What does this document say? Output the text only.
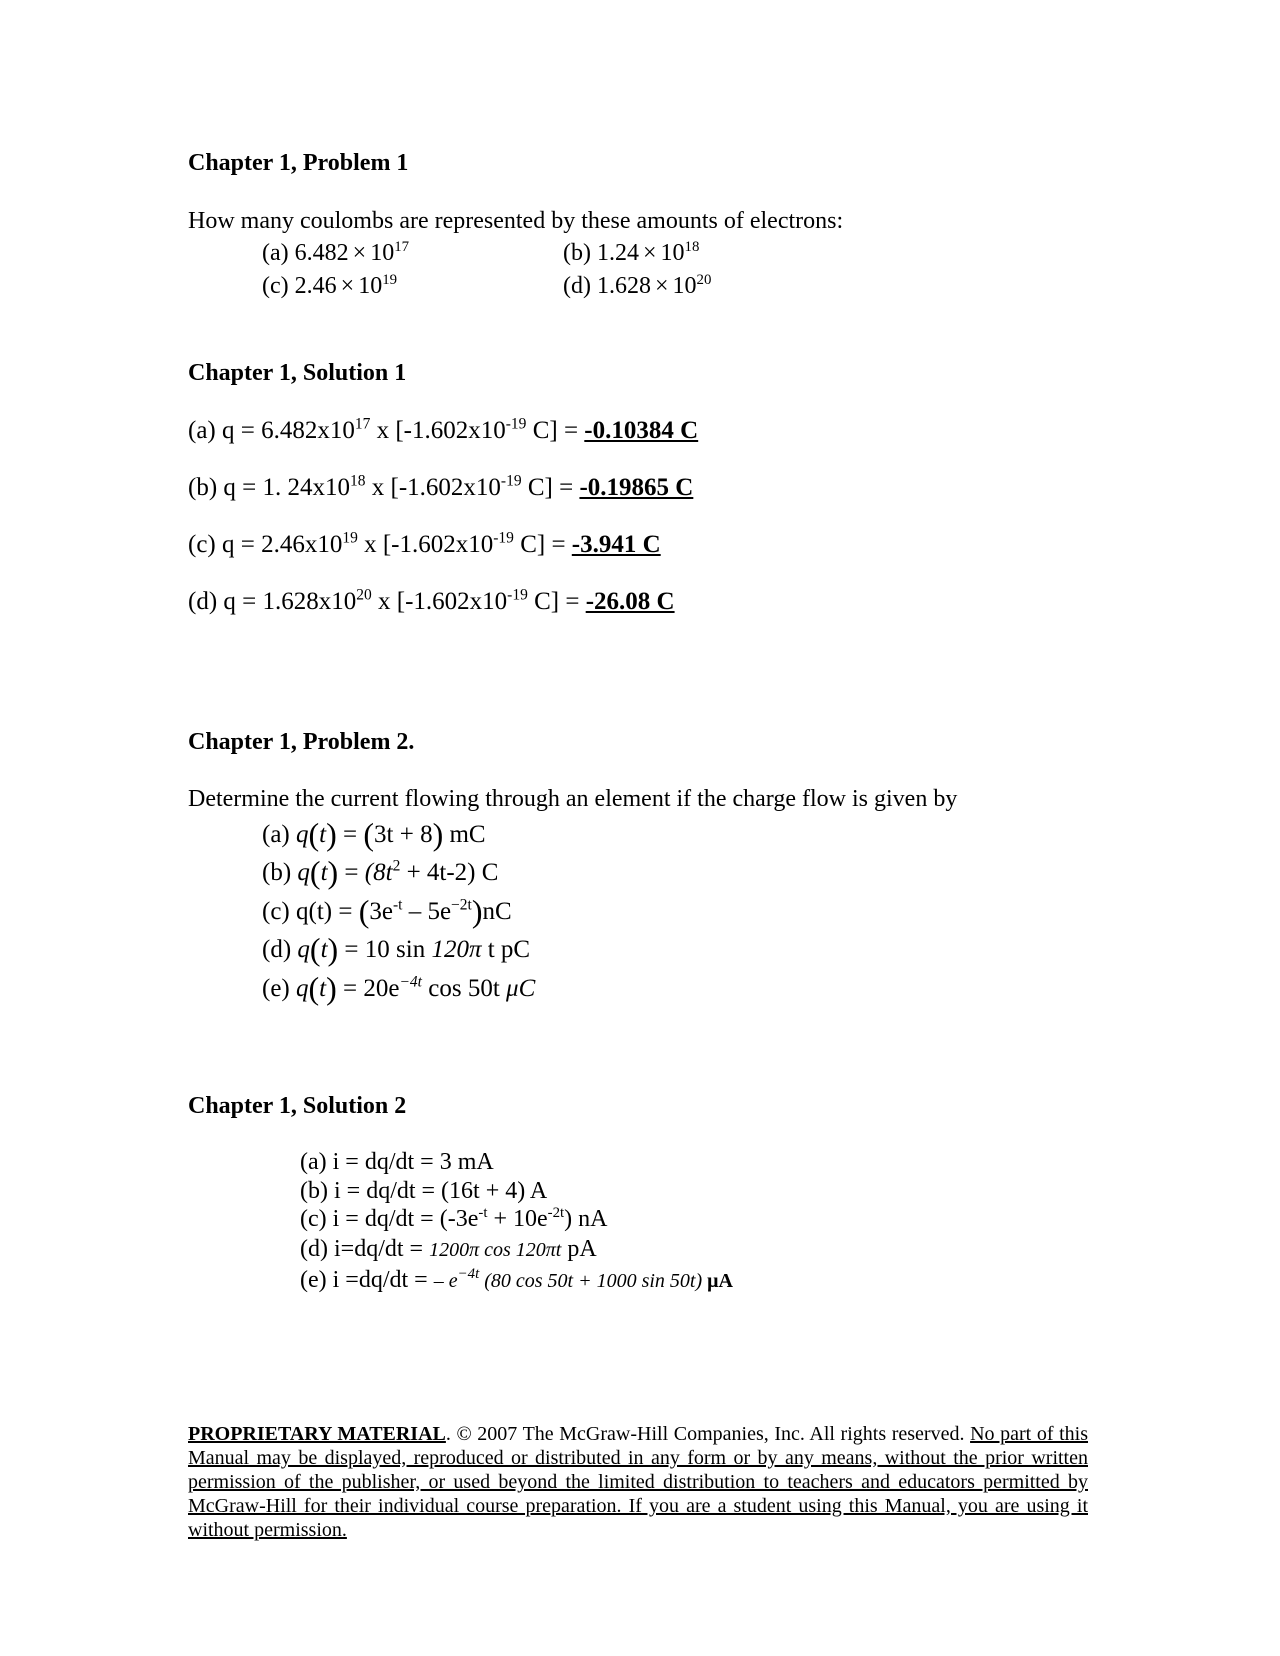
Chapter 1, Problem 1
How many coulombs are represented by these amounts of electrons:
(a) $6.482 \times 10^{17}$	(b) $1.24 \times 10^{18}$
(c) $2.46 \times 10^{19}$	(d) $1.628 \times 10^{20}$
Chapter 1, Solution 1
(a) $q = 6.482x10^{17}$ x [$-1.602x10^{-19}$ C] = -0.10384 C
(b) q = 1. $24x10^{18}$ x [$-1.602x10^{-19}$ C] = -0.19865 C
(c) $q = 2.46x10^{19}$ x [$-1.602x10^{-19}$ C] = -3.941 C
(d) $q = 1.628x10^{20}$ x [$-1.602x10^{-19}$ C] = -26.08 C
Chapter 1, Problem 2.
Determine the current flowing through an element if the charge flow is given by
(a) q(t) = (3t + 8) mC
(b) $q(t) = (8t^2 + 4t-2)$ C
(c) $q(t) = (3e^{-t} - 5e^{-2t})nC$
(d) q(t) = 10 sin 120π t pC
(e) $q(t) = 20e^{-4t}$ cos 50t μC
Chapter 1, Solution 2
(a) i = dq/dt = 3 mA
(b) i = dq/dt = (16t + 4) A
(c) $i = dq/dt = (-3e^{-t} + 10e^{-2t})$ nA
(d) i=dq/dt = 1200π cos 120πt pA
(e) i =dq/dt = – $e^{-4t}$ (80 cos 50t + 1000 sin 50t) μA
PROPRIETARY MATERIAL. © 2007 The McGraw-Hill Companies, Inc. All rights reserved. No part of this Manual may be displayed, reproduced or distributed in any form or by any means, without the prior written permission of the publisher, or used beyond the limited distribution to teachers and educators permitted by McGraw-Hill for their individual course preparation. If you are a student using this Manual, you are using it without permission.
